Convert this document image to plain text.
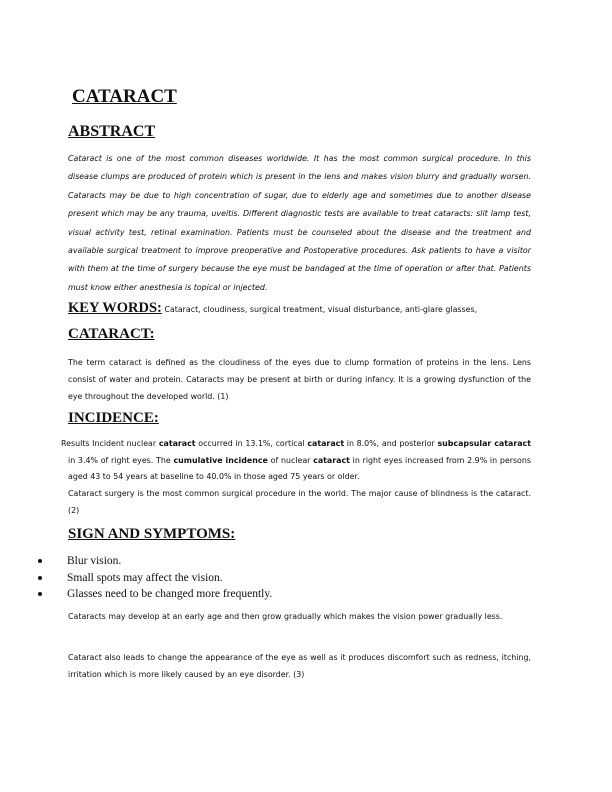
CATARACT
ABSTRACT

Cataract is one of the most common diseases worldwide. It has the most common surgical procedure. In this disease clumps are produced of protein which is present in the lens and makes vision blurry and gradually worsen. Cataracts may be due to high concentration of sugar, due to elderly age and sometimes due to another disease present which may be any trauma, uveitis. Different diagnostic tests are available to treat cataracts: slit lamp test, visual activity test, retinal examination. Patients must be counseled about the disease and the treatment and available surgical treatment to improve preoperative and Postoperative procedures. Ask patients to have a visitor with them at the time of surgery because the eye must be bandaged at the time of operation or after that. Patients must know either anesthesia is topical or injected.

KEY WORDS: Cataract, cloudiness, surgical treatment, visual disturbance, anti-glare glasses,
CATARACT:

The term cataract is defined as the cloudiness of the eyes due to clump formation of proteins in the lens. Lens consist of water and protein. Cataracts may be present at birth or during infancy. It is a growing dysfunction of the eye throughout the developed world. (1)

INCIDENCE:

Results Incident nuclear cataract occurred in 13.1%, cortical cataract in 8.0%, and posterior subcapsular cataract in 3.4% of right eyes. The cumulative incidence of nuclear cataract in right eyes increased from 2.9% in persons aged 43 to 54 years at baseline to 40.0% in those aged 75 years or older.

Cataract surgery is the most common surgical procedure in the world. The major cause of blindness is the cataract. (2)

SIGN AND SYMPTOMS:
Blur vision.
Small spots may affect the vision.
Glasses need to be changed more frequently.

Cataracts may develop at an early age and then grow gradually which makes the vision power gradually less.

Cataract also leads to change the appearance of the eye as well as it produces discomfort such as redness, itching, irritation which is more likely caused by an eye disorder. (3)
